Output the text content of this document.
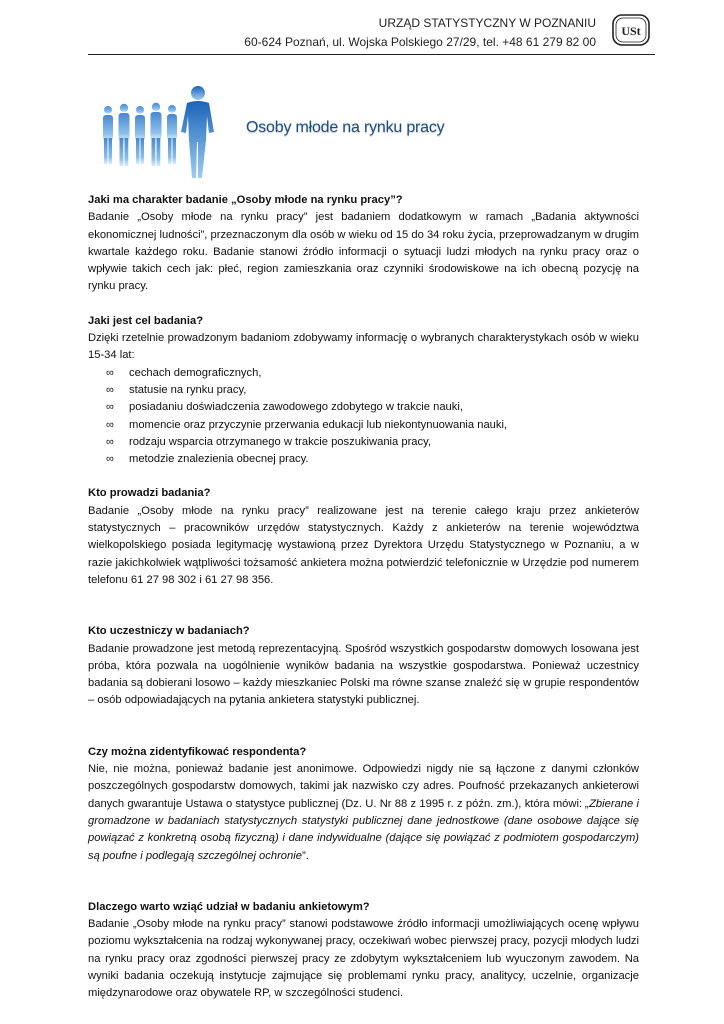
URZĄD STATYSTYCZNY W POZNANIU
60-624 Poznań, ul. Wojska Polskiego 27/29, tel. +48 61 279 82 00
USt
Osoby młode na rynku pracy
Jaki ma charakter badanie „Osoby młode na rynku pracy”?

Badanie „Osoby młode na rynku pracy” jest badaniem dodatkowym w ramach „Badania aktywności ekonomicznej ludności”, przeznaczonym dla osób w wieku od 15 do 34 roku życia, przeprowadzanym w drugim kwartale każdego roku. Badanie stanowi źródło informacji o sytuacji ludzi młodych na rynku pracy oraz o wpływie takich cech jak: płeć, region zamieszkania oraz czynniki środowiskowe na ich obecną pozycję na rynku pracy.

Jaki jest cel badania?

Dzięki rzetelnie prowadzonym badaniom zdobywamy informację o wybranych charakterystykach osób w wieku 15-34 lat:

∞ cechach demograficznych,
∞ statusie na rynku pracy,
∞ posiadaniu doświadczenia zawodowego zdobytego w trakcie nauki,
∞ momencie oraz przyczynie przerwania edukacji lub niekontynuowania nauki,
∞ rodzaju wsparcia otrzymanego w trakcie poszukiwania pracy,
∞ metodzie znalezienia obecnej pracy.
Kto prowadzi badania?

Badanie „Osoby młode na rynku pracy” realizowane jest na terenie całego kraju przez ankieterów statystycznych – pracowników urzędów statystycznych. Każdy z ankieterów na terenie województwa wielkopolskiego posiada legitymację wystawioną przez Dyrektora Urzędu Statystycznego w Poznaniu, a w razie jakichkolwiek wątpliwości tożsamość ankietera można potwierdzić telefonicznie w Urzędzie pod numerem telefonu 61 27 98 302 i 61 27 98 356.

Kto uczestniczy w badaniach?

Badanie prowadzone jest metodą reprezentacyjną. Spośród wszystkich gospodarstw domowych losowana jest próba, która pozwala na uogólnienie wyników badania na wszystkie gospodarstwa. Ponieważ uczestnicy badania są dobierani losowo – każdy mieszkaniec Polski ma równe szanse znaleźć się w grupie respondentów – osób odpowiadających na pytania ankietera statystyki publicznej.

Czy można zidentyfikować respondenta?

Nie, nie można, ponieważ badanie jest anonimowe. Odpowiedzi nigdy nie są łączone z danymi członków poszczególnych gospodarstw domowych, takimi jak nazwisko czy adres. Poufność przekazanych ankieterowi danych gwarantuje Ustawa o statystyce publicznej (Dz. U. Nr 88 z 1995 r. z późn. zm.), która mówi: „Zbierane i gromadzone w badaniach statystycznych statystyki publicznej dane jednostkowe (dane osobowe dające się powiązać z konkretną osobą fizyczną) i dane indywidualne (dające się powiązać z podmiotem gospodarczym) są poufne i podlegają szczególnej ochronie”.

Dlaczego warto wziąć udział w badaniu ankietowym?

Badanie „Osoby młode na rynku pracy” stanowi podstawowe źródło informacji umożliwiających ocenę wpływu poziomu wykształcenia na rodzaj wykonywanej pracy, oczekiwań wobec pierwszej pracy, pozycji młodych ludzi na rynku pracy oraz zgodności pierwszej pracy ze zdobytym wykształceniem lub wyuczonym zawodem. Na wyniki badania oczekują instytucje zajmujące się problemami rynku pracy, analitycy, uczelnie, organizacje międzynarodowe oraz obywatele RP, w szczególności studenci.
